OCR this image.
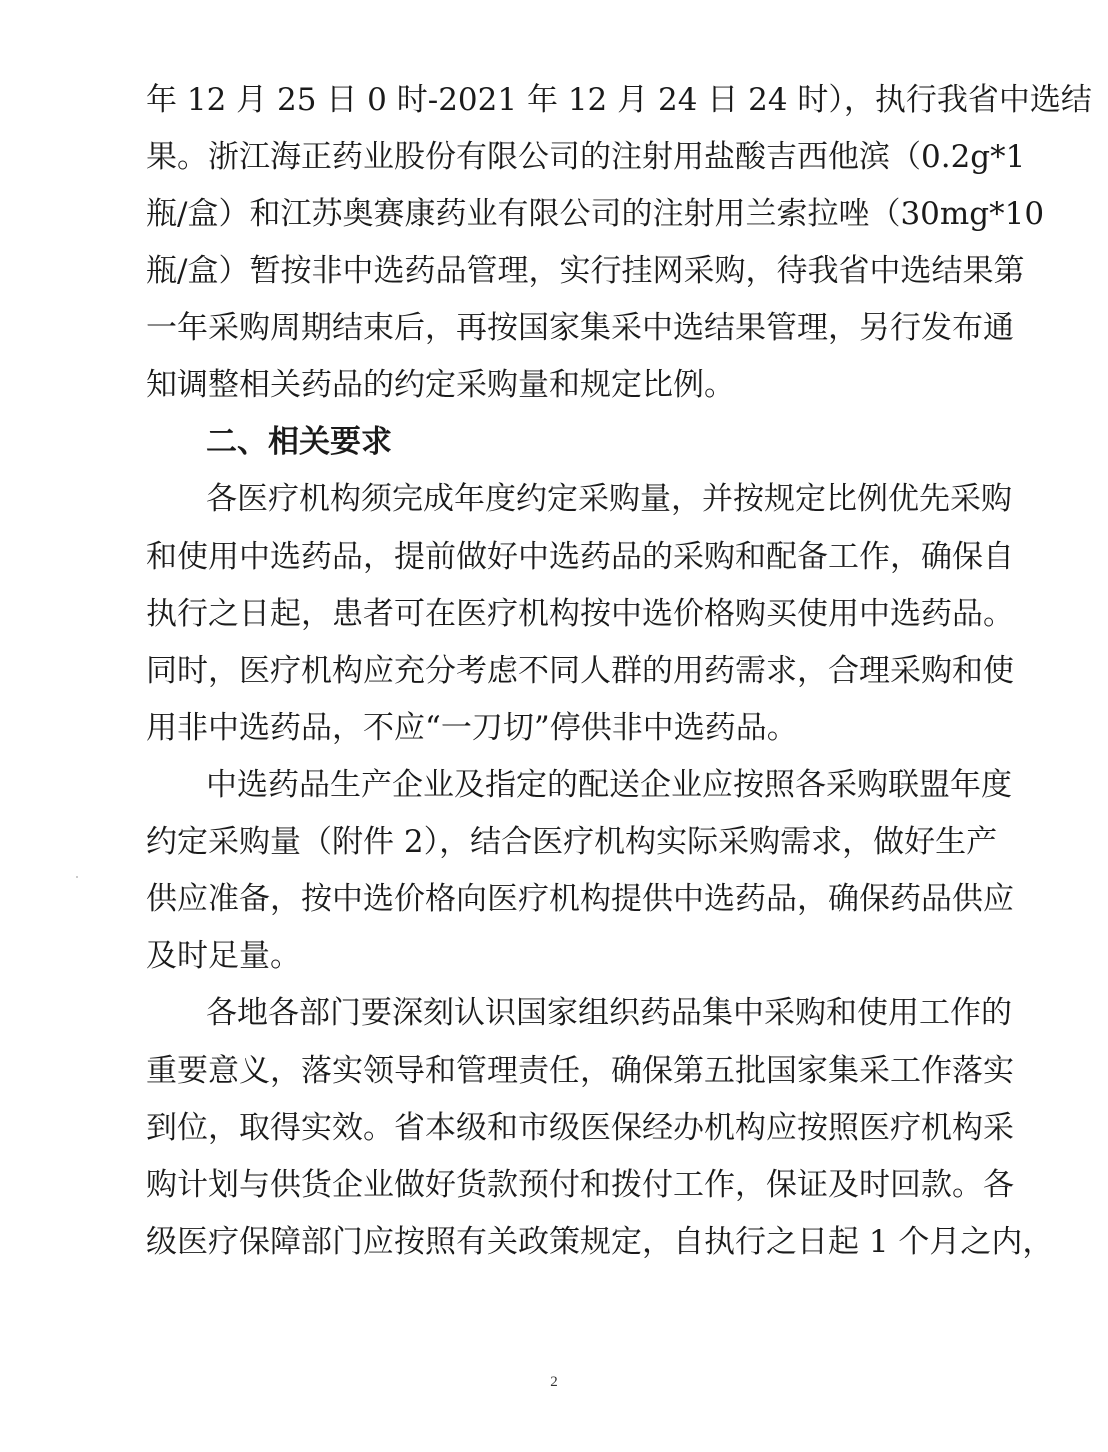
年 12 月 25 日 0 时-2021 年 12 月 24 日 24 时），执行我省中选结
果。浙江海正药业股份有限公司的注射用盐酸吉西他滨（0.2g*1
瓶/盒）和江苏奥赛康药业有限公司的注射用兰索拉唑（30mg*10
瓶/盒）暂按非中选药品管理，实行挂网采购，待我省中选结果第
一年采购周期结束后，再按国家集采中选结果管理，另行发布通
知调整相关药品的约定采购量和规定比例。
二、相关要求
各医疗机构须完成年度约定采购量，并按规定比例优先采购
和使用中选药品，提前做好中选药品的采购和配备工作，确保自
执行之日起，患者可在医疗机构按中选价格购买使用中选药品。
同时，医疗机构应充分考虑不同人群的用药需求，合理采购和使
用非中选药品，不应“一刀切”停供非中选药品。
中选药品生产企业及指定的配送企业应按照各采购联盟年度
约定采购量（附件 2），结合医疗机构实际采购需求，做好生产
供应准备，按中选价格向医疗机构提供中选药品，确保药品供应
及时足量。
各地各部门要深刻认识国家组织药品集中采购和使用工作的
重要意义，落实领导和管理责任，确保第五批国家集采工作落实
到位，取得实效。省本级和市级医保经办机构应按照医疗机构采
购计划与供货企业做好货款预付和拨付工作，保证及时回款。各
级医疗保障部门应按照有关政策规定，自执行之日起 1 个月之内，
2
